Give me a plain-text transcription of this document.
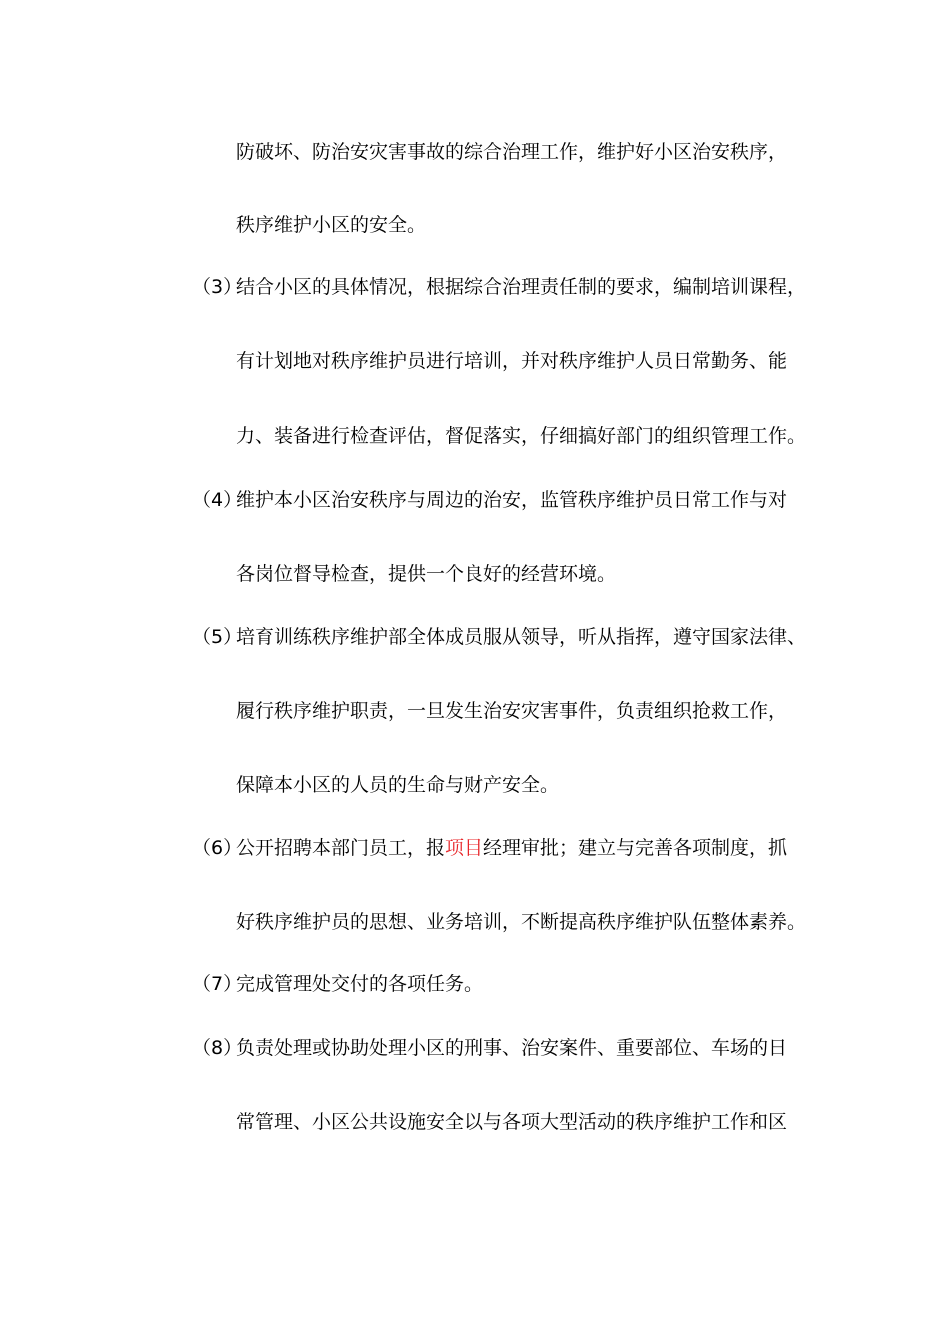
防破坏、防治安灾害事故的综合治理工作，维护好小区治安秩序，
秩序维护小区的安全。
（3）
结合小区的具体情况，根据综合治理责任制的要求，编制培训课程，
有计划地对秩序维护员进行培训，并对秩序维护人员日常勤务、能
力、装备进行检查评估，督促落实，仔细搞好部门的组织管理工作。
（4）
维护本小区治安秩序与周边的治安，监管秩序维护员日常工作与对
各岗位督导检查，提供一个良好的经营环境。
（5）
培育训练秩序维护部全体成员服从领导，听从指挥，遵守国家法律、
履行秩序维护职责，一旦发生治安灾害事件，负责组织抢救工作，
保障本小区的人员的生命与财产安全。
（6）
公开招聘本部门员工，报项目经理审批；建立与完善各项制度，抓
好秩序维护员的思想、业务培训，不断提高秩序维护队伍整体素养。
（7）
完成管理处交付的各项任务。
（8）
负责处理或协助处理小区的刑事、治安案件、重要部位、车场的日
常管理、小区公共设施安全以与各项大型活动的秩序维护工作和区
